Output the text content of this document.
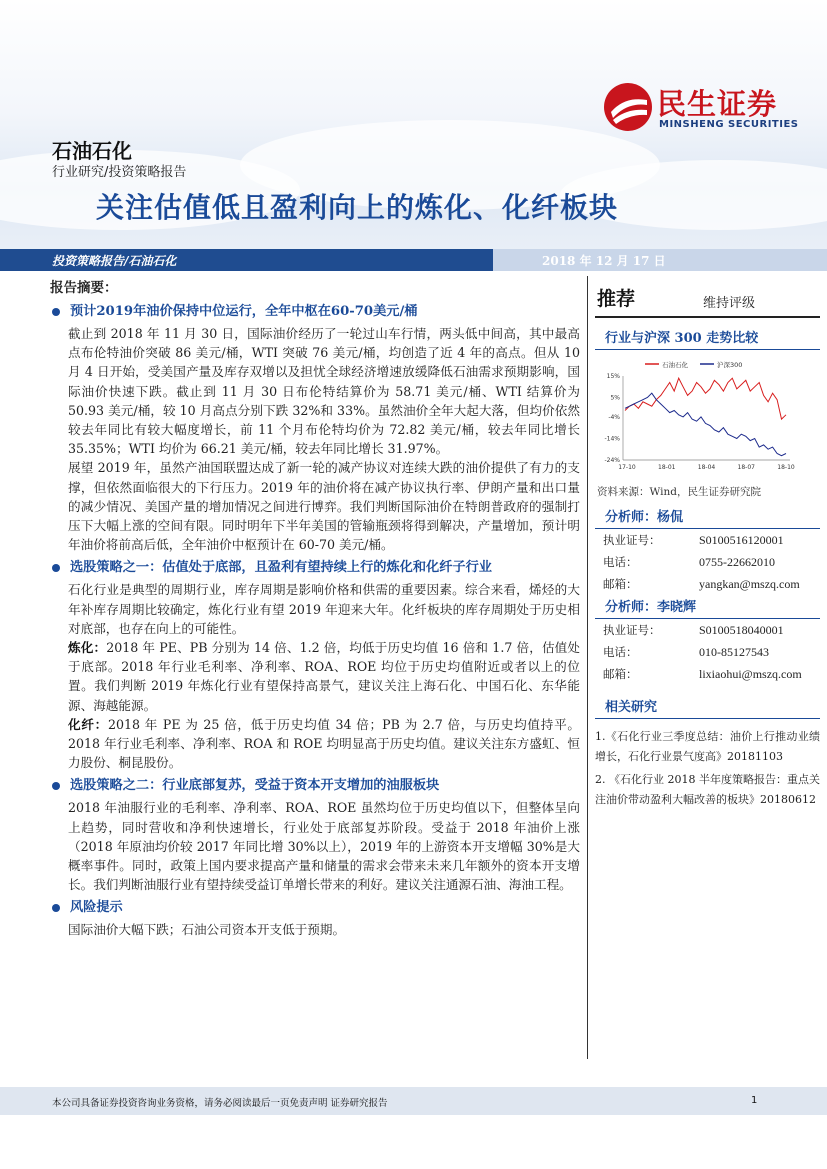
民生证券
MINSHENG SECURITIES
石油石化
行业研究/投资策略报告
关注估值低且盈利向上的炼化、化纤板块
投资策略报告/石油石化	2018 年 12 月 17 日
报告摘要：
预计2019年油价保持中位运行，全年中枢在60-70美元/桶

截止到 2018 年 11 月 30 日，国际油价经历了一轮过山车行情，两头低中间高，其中最高点布伦特油价突破 86 美元/桶，WTI 突破 76 美元/桶，均创造了近 4 年的高点。但从 10 月 4 日开始，受美国产量及库存双增以及担忧全球经济增速放缓降低石油需求预期影响，国际油价快速下跌。截止到 11 月 30 日布伦特结算价为 58.71 美元/桶、WTI 结算价为 50.93 美元/桶，较 10 月高点分别下跌 32%和 33%。虽然油价全年大起大落，但均价依然较去年同比有较大幅度增长，前 11 个月布伦特均价为 72.82 美元/桶，较去年同比增长 35.35%；WTI 均价为 66.21 美元/桶，较去年同比增长 31.97%。

展望 2019 年，虽然产油国联盟达成了新一轮的减产协议对连续大跌的油价提供了有力的支撑，但依然面临很大的下行压力。2019 年的油价将在减产协议执行率、伊朗产量和出口量的减少情况、美国产量的增加情况之间进行博弈。我们判断国际油价在特朗普政府的强制打压下大幅上涨的空间有限。同时明年下半年美国的管输瓶颈将得到解决，产量增加，预计明年油价将前高后低，全年油价中枢预计在 60-70 美元/桶。

选股策略之一：估值处于底部，且盈利有望持续上行的炼化和化纤子行业

石化行业是典型的周期行业，库存周期是影响价格和供需的重要因素。综合来看，烯烃的大年补库存周期比较确定，炼化行业有望 2019 年迎来大年。化纤板块的库存周期处于历史相对底部，也存在向上的可能性。

炼化：2018 年 PE、PB 分别为 14 倍、1.2 倍，均低于历史均值 16 倍和 1.7 倍，估值处于底部。2018 年行业毛利率、净利率、ROA、ROE 均位于历史均值附近或者以上的位置。我们判断 2019 年炼化行业有望保持高景气，建议关注上海石化、中国石化、东华能源、海越能源。

化纤：2018 年 PE 为 25 倍，低于历史均值 34 倍；PB 为 2.7 倍，与历史均值持平。2018 年行业毛利率、净利率、ROA 和 ROE 均明显高于历史均值。建议关注东方盛虹、恒力股份、桐昆股份。

选股策略之二：行业底部复苏，受益于资本开支增加的油服板块

2018 年油服行业的毛利率、净利率、ROA、ROE 虽然均位于历史均值以下，但整体呈向上趋势，同时营收和净利快速增长，行业处于底部复苏阶段。受益于 2018 年油价上涨（2018 年原油均价较 2017 年同比增 30%以上），2019 年的上游资本开支增幅 30%是大概率事件。同时，政策上国内要求提高产量和储量的需求会带来未来几年额外的资本开支增长。我们判断油服行业有望持续受益订单增长带来的利好。建议关注通源石油、海油工程。

风险提示

国际油价大幅下跌；石油公司资本开支低于预期。

推荐	维持评级
行业与沪深 300 走势比较
石油石化	沪深300
15%
5%
-4%
-14%
-24%
17-10	18-01	18-04	18-07	18-10
资料来源：Wind，民生证券研究院
分析师：杨侃
执业证号：	S0100516120001
电话：	0755-22662010
邮箱：	yangkan@mszq.com
分析师：李晓辉
执业证号：	S0100518040001
电话：	010-85127543
邮箱：	lixiaohui@mszq.com
相关研究

1.《石化行业三季度总结：油价上行推动业绩增长，石化行业景气度高》20181103

2. 《石化行业 2018 半年度策略报告：重点关注油价带动盈利大幅改善的板块》20180612

本公司具备证券投资咨询业务资格，请务必阅读最后一页免责声明 证券研究报告	1
